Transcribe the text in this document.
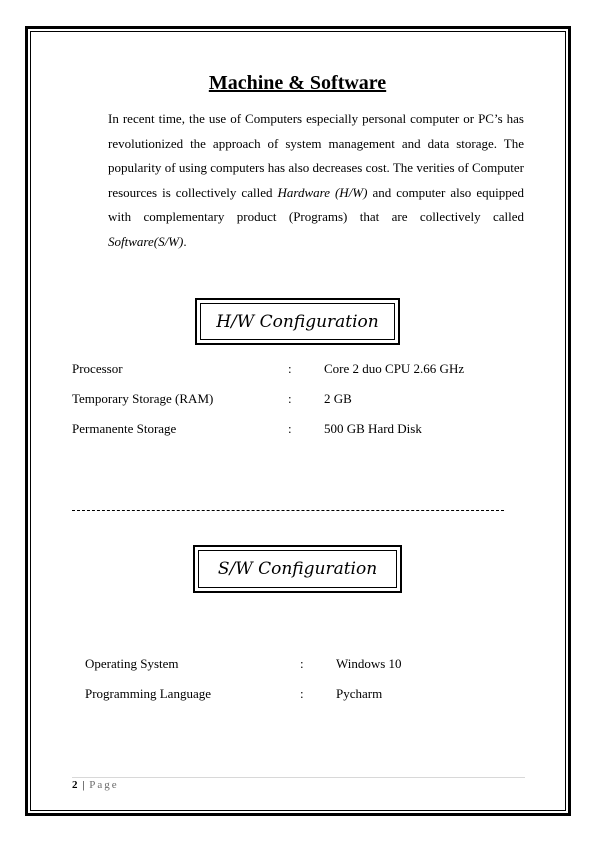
Machine & Software

In recent time, the use of Computers especially personal computer or PC’s has revolutionized the approach of system management and data storage. The popularity of using computers has also decreases cost. The verities of Computer resources is collectively called Hardware (H/W) and computer also equipped with complementary product (Programs) that are collectively called Software(S/W).

H/W Configuration
Processor	: Core 2 duo CPU 2.66 GHz
Temporary Storage (RAM)	: 2 GB
Permanente Storage	: 500 GB Hard Disk
S/W Configuration
Operating System	: Windows 10
Programming Language	: Pycharm
2 | Page
